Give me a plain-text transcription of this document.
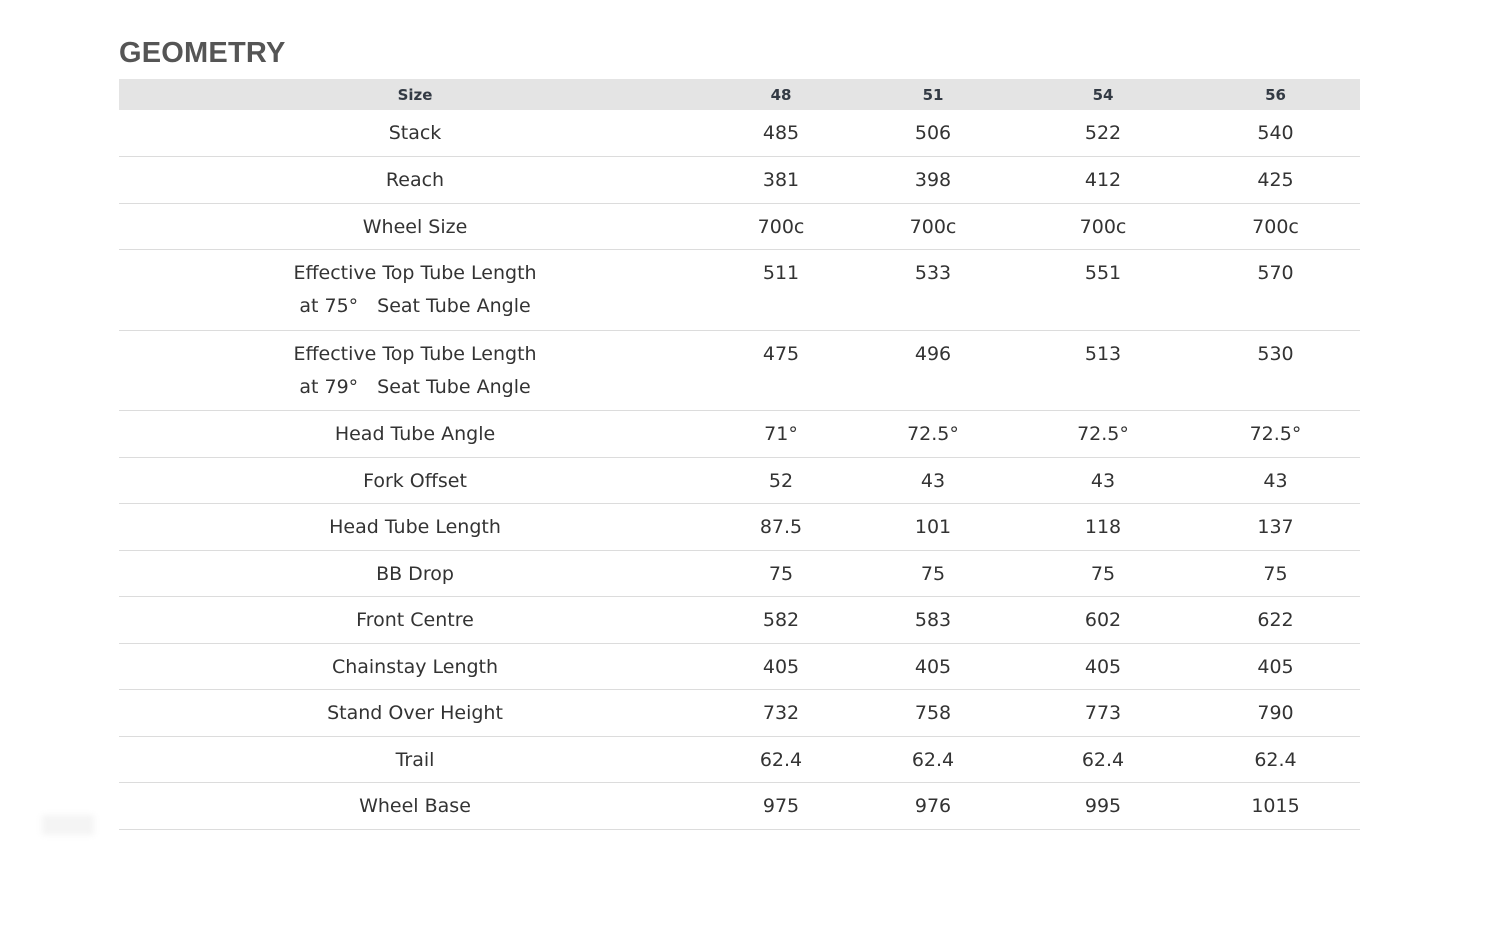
GEOMETRY
Size	48	51	54	56

Stack	485	506	522	540

Reach	381	398	412	425

Wheel Size	700c	700c	700c	700c

Effective Top Tube Length
at 75°　Seat Tube Angle	511	533	551	570

Effective Top Tube Length
at 79°　Seat Tube Angle	475	496	513	530

Head Tube Angle	71°	72.5°	72.5°	72.5°

Fork Offset	52	43	43	43

Head Tube Length	87.5	101	118	137

BB Drop	75	75	75	75

Front Centre	582	583	602	622

Chainstay Length	405	405	405	405

Stand Over Height	732	758	773	790

Trail	62.4	62.4	62.4	62.4

Wheel Base	975	976	995	1015
